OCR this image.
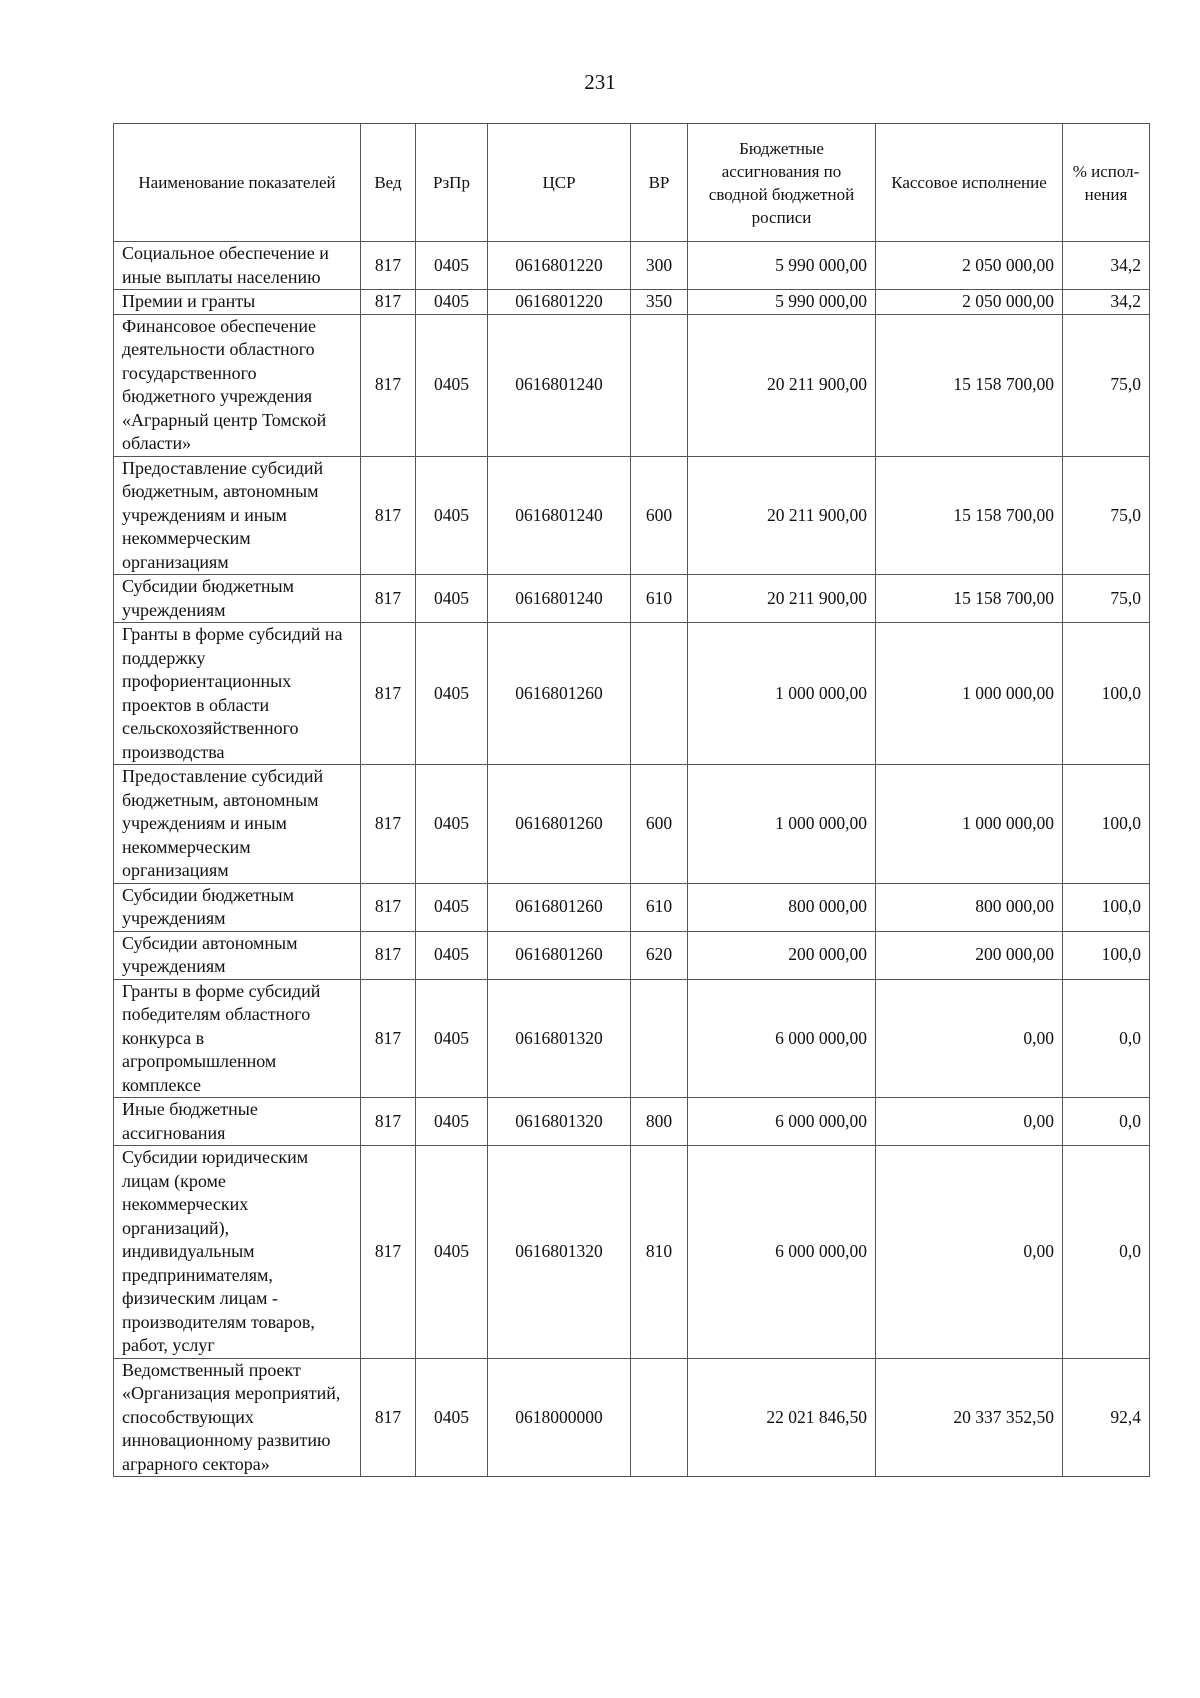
231
Наименование показателей	Вед	РзПр	ЦСР	ВР	Бюджетные ассигнования по сводной бюджетной росписи	Кассовое исполнение	% испол-нения
Социальное обеспечение и иные выплаты населению	817	0405	0616801220	300	5 990 000,00	2 050 000,00	34,2
Премии и гранты	817	0405	0616801220	350	5 990 000,00	2 050 000,00	34,2
Финансовое обеспечение деятельности областного государственного бюджетного учреждения «Аграрный центр Томской области»	817	0405	0616801240		20 211 900,00	15 158 700,00	75,0
Предоставление субсидий бюджетным, автономным учреждениям и иным некоммерческим организациям	817	0405	0616801240	600	20 211 900,00	15 158 700,00	75,0
Субсидии бюджетным учреждениям	817	0405	0616801240	610	20 211 900,00	15 158 700,00	75,0
Гранты в форме субсидий на поддержку профориентационных проектов в области сельскохозяйственного производства	817	0405	0616801260		1 000 000,00	1 000 000,00	100,0
Предоставление субсидий бюджетным, автономным учреждениям и иным некоммерческим организациям	817	0405	0616801260	600	1 000 000,00	1 000 000,00	100,0
Субсидии бюджетным учреждениям	817	0405	0616801260	610	800 000,00	800 000,00	100,0
Субсидии автономным учреждениям	817	0405	0616801260	620	200 000,00	200 000,00	100,0
Гранты в форме субсидий победителям областного конкурса в агропромышленном комплексе	817	0405	0616801320		6 000 000,00	0,00	0,0
Иные бюджетные ассигнования	817	0405	0616801320	800	6 000 000,00	0,00	0,0
Субсидии юридическим лицам (кроме некоммерческих организаций), индивидуальным предпринимателям, физическим лицам - производителям товаров, работ, услуг	817	0405	0616801320	810	6 000 000,00	0,00	0,0
Ведомственный проект «Организация мероприятий, способствующих инновационному развитию аграрного сектора»	817	0405	0618000000		22 021 846,50	20 337 352,50	92,4
